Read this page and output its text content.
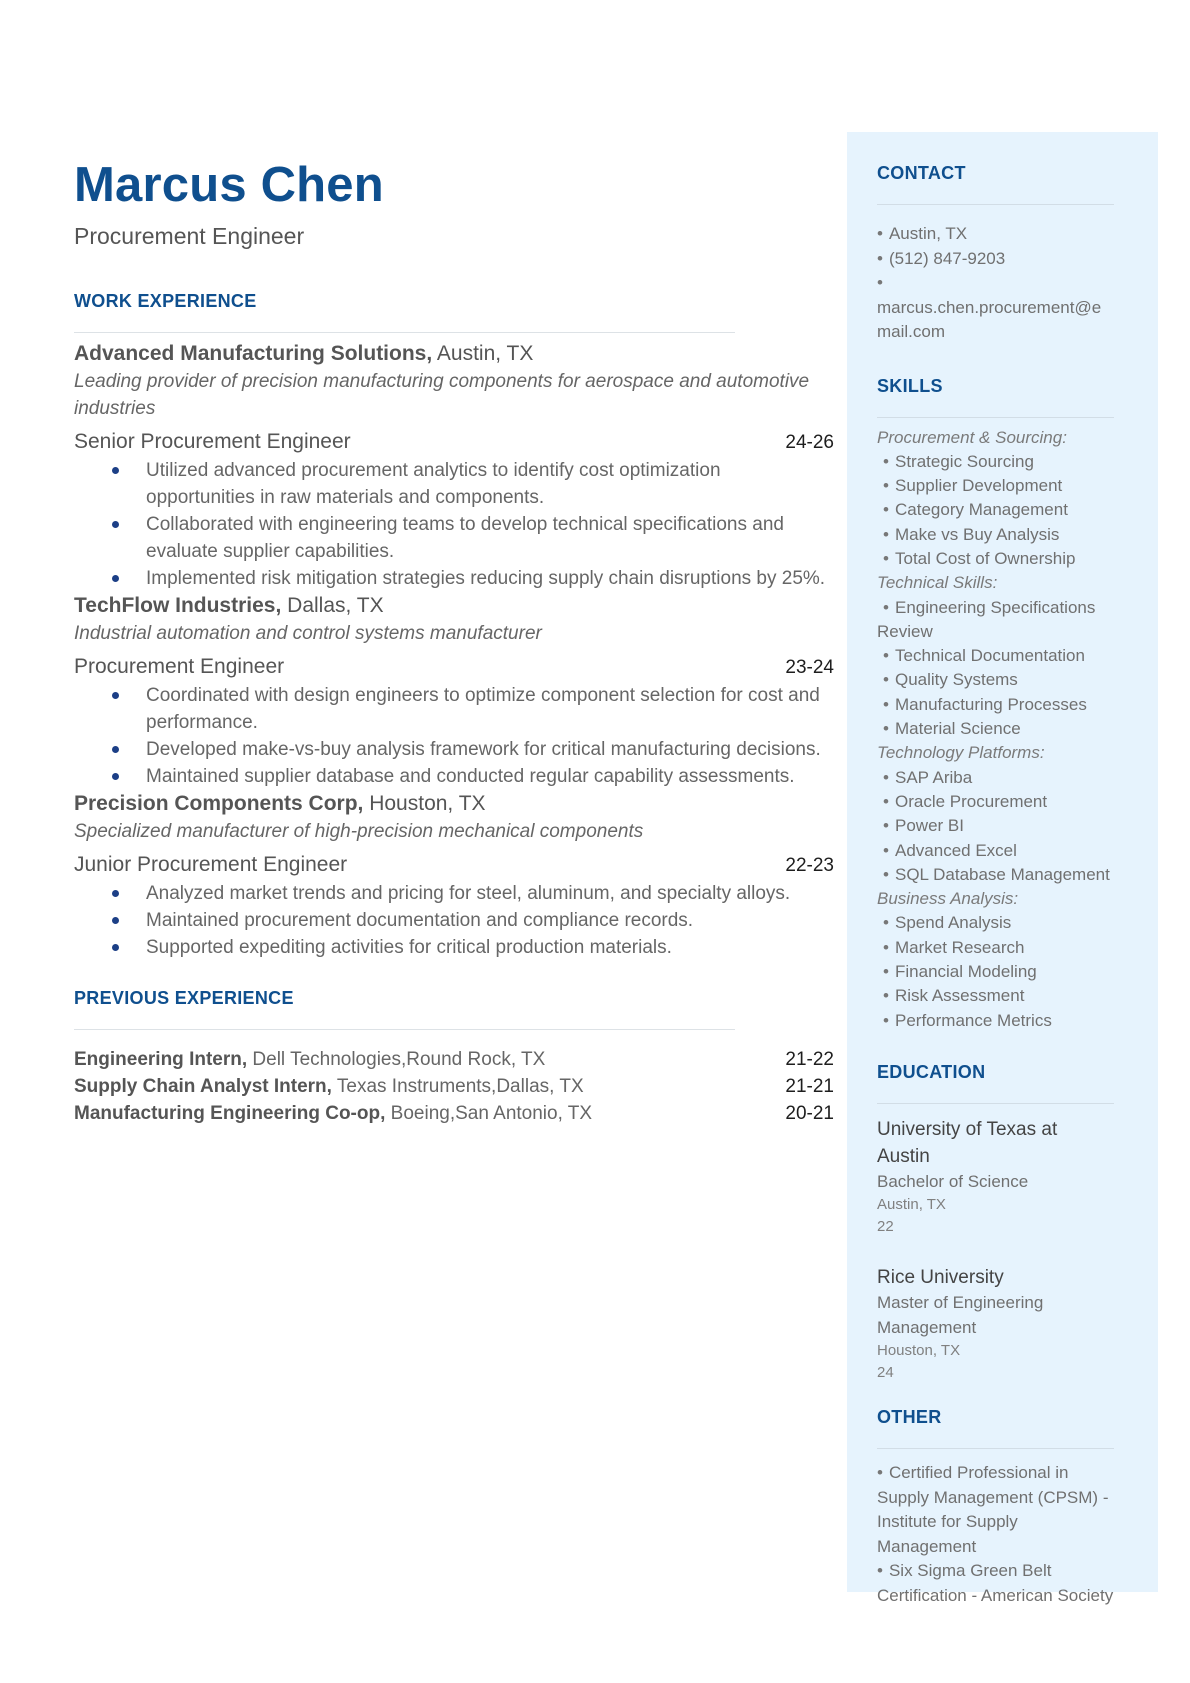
Marcus Chen
Procurement Engineer
WORK EXPERIENCE
Advanced Manufacturing Solutions, Austin, TX
Leading provider of precision manufacturing components for aerospace and automotive industries
Senior Procurement Engineer	24-26
Utilized advanced procurement analytics to identify cost optimization opportunities in raw materials and components.
Collaborated with engineering teams to develop technical specifications and evaluate supplier capabilities.
Implemented risk mitigation strategies reducing supply chain disruptions by 25%.
TechFlow Industries, Dallas, TX
Industrial automation and control systems manufacturer
Procurement Engineer	23-24
Coordinated with design engineers to optimize component selection for cost and performance.
Developed make-vs-buy analysis framework for critical manufacturing decisions.
Maintained supplier database and conducted regular capability assessments.
Precision Components Corp, Houston, TX
Specialized manufacturer of high-precision mechanical components
Junior Procurement Engineer	22-23
Analyzed market trends and pricing for steel, aluminum, and specialty alloys.
Maintained procurement documentation and compliance records.
Supported expediting activities for critical production materials.
PREVIOUS EXPERIENCE
Engineering Intern, Dell Technologies,Round Rock, TX	21-22
Supply Chain Analyst Intern, Texas Instruments,Dallas, TX	21-21
Manufacturing Engineering Co-op, Boeing,San Antonio, TX	20-21
CONTACT
• Austin, TX
• (512) 847-9203
•
marcus.chen.procurement@e
mail.com
SKILLS
Procurement & Sourcing:
• Strategic Sourcing
• Supplier Development
• Category Management
• Make vs Buy Analysis
• Total Cost of Ownership
Technical Skills:
• Engineering Specifications
Review
• Technical Documentation
• Quality Systems
• Manufacturing Processes
• Material Science
Technology Platforms:
• SAP Ariba
• Oracle Procurement
• Power BI
• Advanced Excel
• SQL Database Management
Business Analysis:
• Spend Analysis
• Market Research
• Financial Modeling
• Risk Assessment
• Performance Metrics
EDUCATION
University of Texas at
Austin
Bachelor of Science
Austin, TX
22
Rice University
Master of Engineering
Management
Houston, TX
24
OTHER
• Certified Professional in
Supply Management (CPSM) -
Institute for Supply
Management
• Six Sigma Green Belt
Certification - American Society
